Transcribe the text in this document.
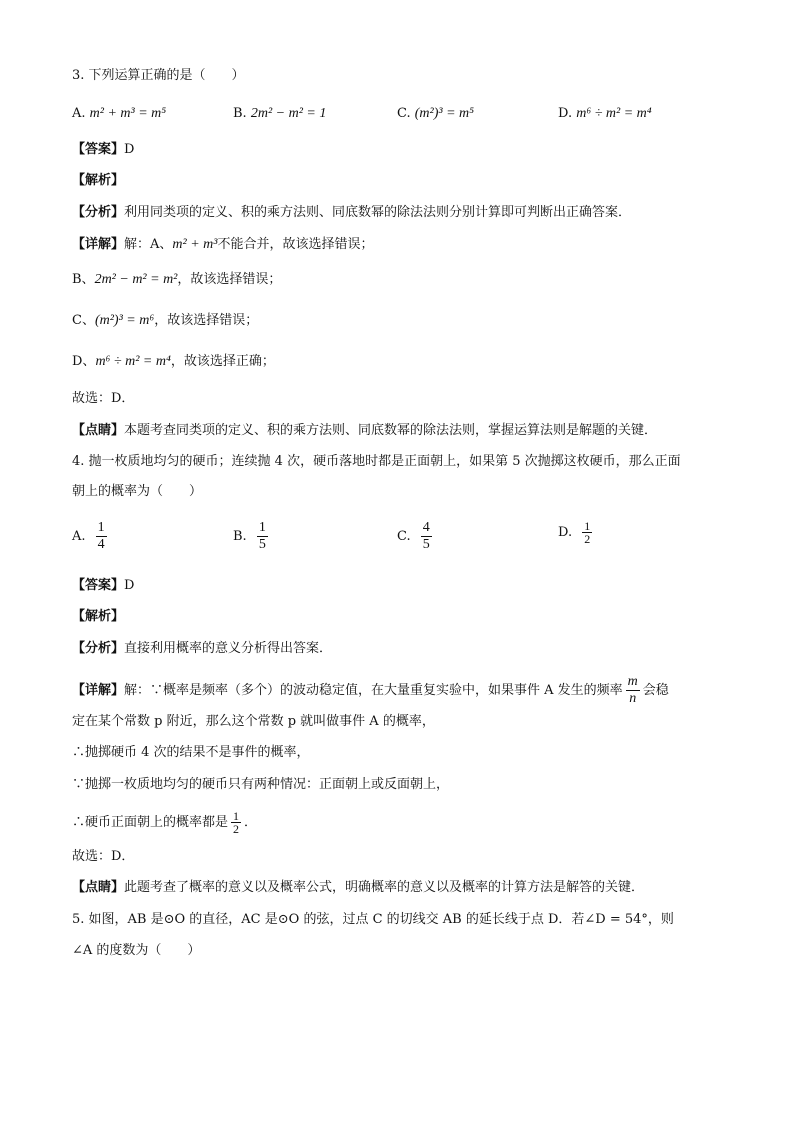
3. 下列运算正确的是（　　）
A. m² + m³ = m⁵	B. 2m² − m² = 1	C. (m²)³ = m⁵	D. m⁶ ÷ m² = m⁴
【答案】D
【解析】
【分析】利用同类项的定义、积的乘方法则、同底数幂的除法法则分别计算即可判断出正确答案．
【详解】解：A、m² + m³不能合并，故该选择错误；
B、2m² − m² = m²，故该选择错误；
C、(m²)³ = m⁶，故该选择错误；
D、m⁶ ÷ m² = m⁴，故该选择正确；
故选：D．
【点睛】本题考查同类项的定义、积的乘方法则、同底数幂的除法法则，掌握运算法则是解题的关键．
4. 抛一枚质地均匀的硬币；连续抛 4 次，硬币落地时都是正面朝上，如果第 5 次抛掷这枚硬币，那么正面
朝上的概率为（　　）
A. $\frac{1}{4}$	B. $\frac{1}{5}$	C. $\frac{4}{5}$	D. $\frac{1}{2}$
【答案】D
【解析】
【分析】直接利用概率的意义分析得出答案．
【详解】解：∵概率是频率（多个）的波动稳定值，在大量重复实验中，如果事件 A 发生的频率 $\frac{m}{n}$ 会稳
定在某个常数 p 附近，那么这个常数 p 就叫做事件 A 的概率，
∴抛掷硬币 4 次的结果不是事件的概率，
∵抛掷一枚质地均匀的硬币只有两种情况：正面朝上或反面朝上，
∴硬币正面朝上的概率都是 $\frac{1}{2}$ ．
故选：D．
【点睛】此题考查了概率的意义以及概率公式，明确概率的意义以及概率的计算方法是解答的关键．
5. 如图，AB 是⊙O 的直径，AC 是⊙O 的弦，过点 C 的切线交 AB 的延长线于点 D．若∠D = 54°，则
∠A 的度数为（　　）
